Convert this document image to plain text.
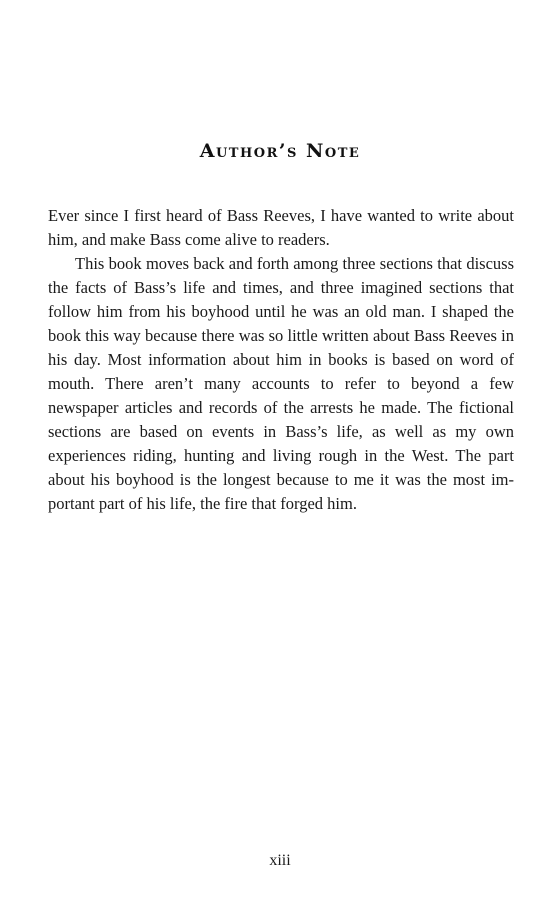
Author’s Note

Ever since I first heard of Bass Reeves, I have wanted to write about him, and make Bass come alive to readers.

This book moves back and forth among three sections that discuss the facts of Bass’s life and times, and three imagined sections that follow him from his boyhood until he was an old man. I shaped the book this way because there was so little written about Bass Reeves in his day. Most information about him in books is based on word of mouth. There aren’t many accounts to refer to beyond a few newspaper articles and records of the arrests he made. The fictional sections are based on events in Bass’s life, as well as my own experiences riding, hunting and living rough in the West. The part about his boyhood is the longest because to me it was the most important part of his life, the fire that forged him.

xiii
